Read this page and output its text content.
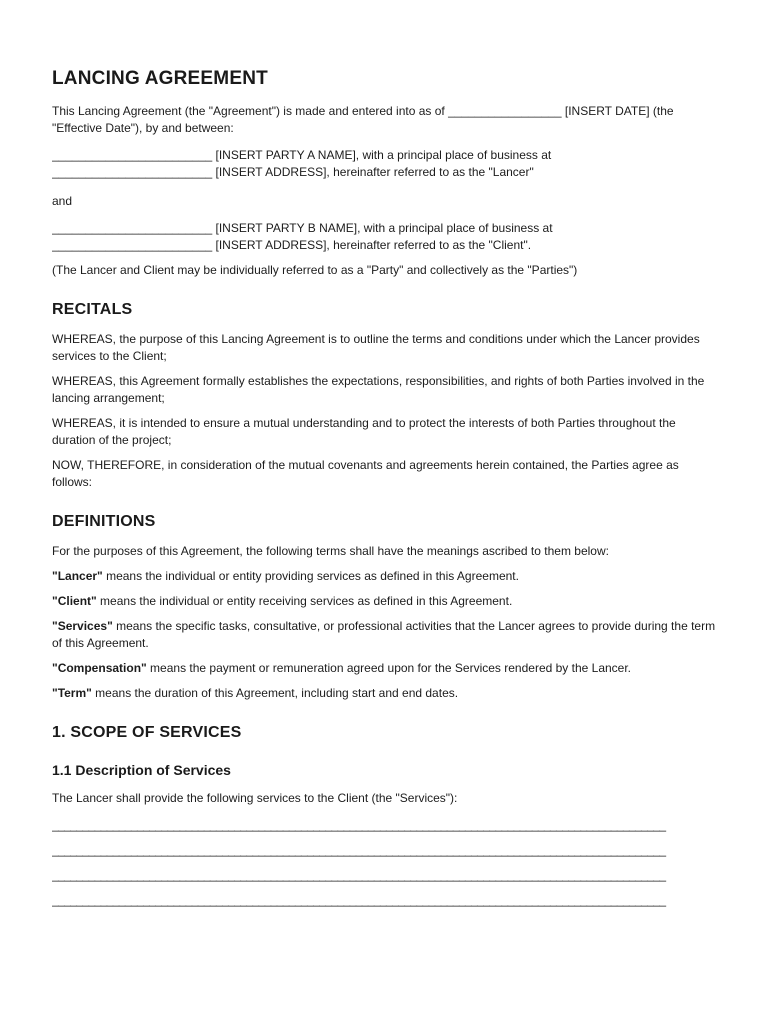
LANCING AGREEMENT

This Lancing Agreement (the "Agreement") is made and entered into as of _________________ [INSERT DATE] (the "Effective Date"), by and between:

________________________ [INSERT PARTY A NAME], with a principal place of business at
________________________ [INSERT ADDRESS], hereinafter referred to as the "Lancer"

and

________________________ [INSERT PARTY B NAME], with a principal place of business at
________________________ [INSERT ADDRESS], hereinafter referred to as the "Client".

(The Lancer and Client may be individually referred to as a "Party" and collectively as the "Parties")

RECITALS

WHEREAS, the purpose of this Lancing Agreement is to outline the terms and conditions under which the Lancer provides services to the Client;

WHEREAS, this Agreement formally establishes the expectations, responsibilities, and rights of both Parties involved in the lancing arrangement;

WHEREAS, it is intended to ensure a mutual understanding and to protect the interests of both Parties throughout the duration of the project;

NOW, THEREFORE, in consideration of the mutual covenants and agreements herein contained, the Parties agree as follows:

DEFINITIONS

For the purposes of this Agreement, the following terms shall have the meanings ascribed to them below:

"Lancer" means the individual or entity providing services as defined in this Agreement.

"Client" means the individual or entity receiving services as defined in this Agreement.

"Services" means the specific tasks, consultative, or professional activities that the Lancer agrees to provide during the term of this Agreement.

"Compensation" means the payment or remuneration agreed upon for the Services rendered by the Lancer.

"Term" means the duration of this Agreement, including start and end dates.

1. SCOPE OF SERVICES
1.1 Description of Services

The Lancer shall provide the following services to the Client (the "Services"):

_____________________________________________________________________________________________________
_____________________________________________________________________________________________________
_____________________________________________________________________________________________________
_____________________________________________________________________________________________________
